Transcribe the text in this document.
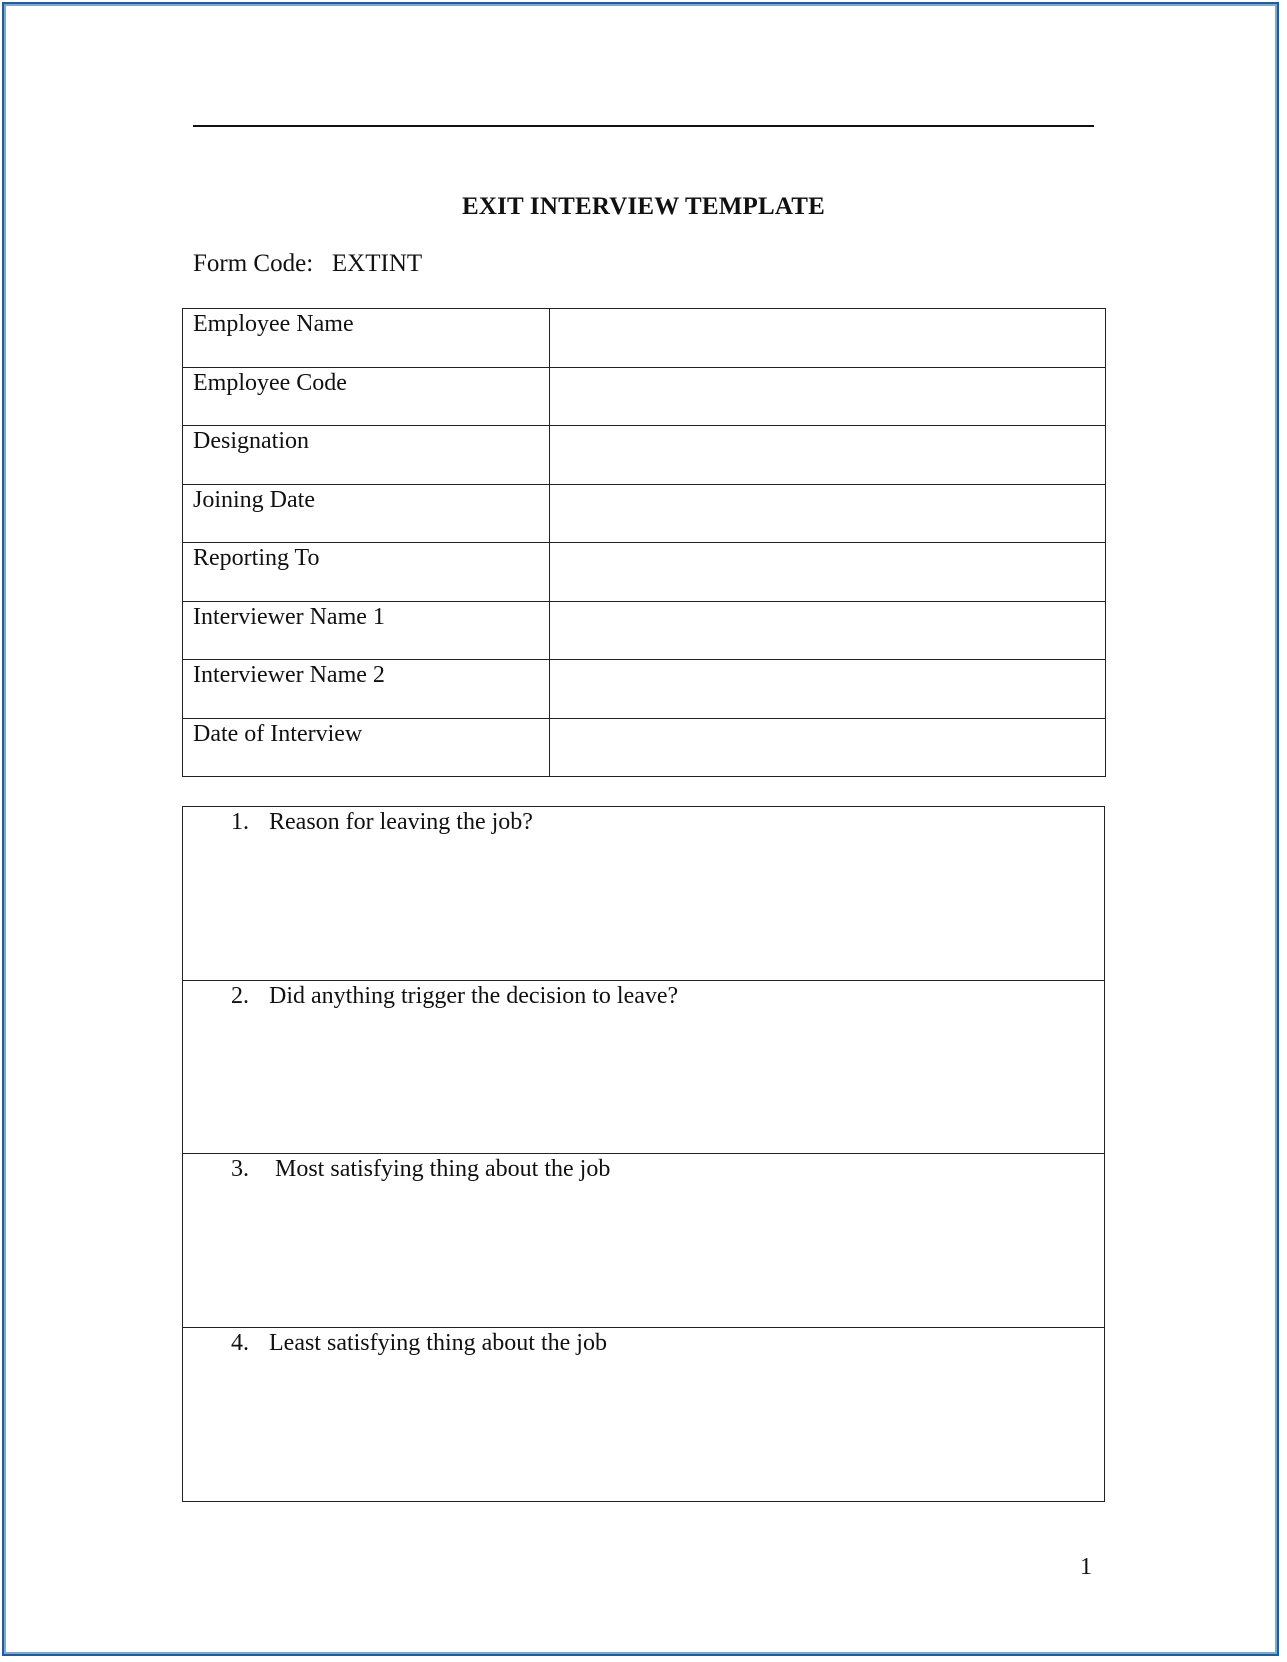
EXIT INTERVIEW TEMPLATE
Form Code: EXTINT
Employee Name	
Employee Code	
Designation	
Joining Date	
Reporting To	
Interviewer Name 1	
Interviewer Name 2	
Date of Interview	
1. Reason for leaving the job?
2. Did anything trigger the decision to leave?
3. Most satisfying thing about the job
4. Least satisfying thing about the job
1
